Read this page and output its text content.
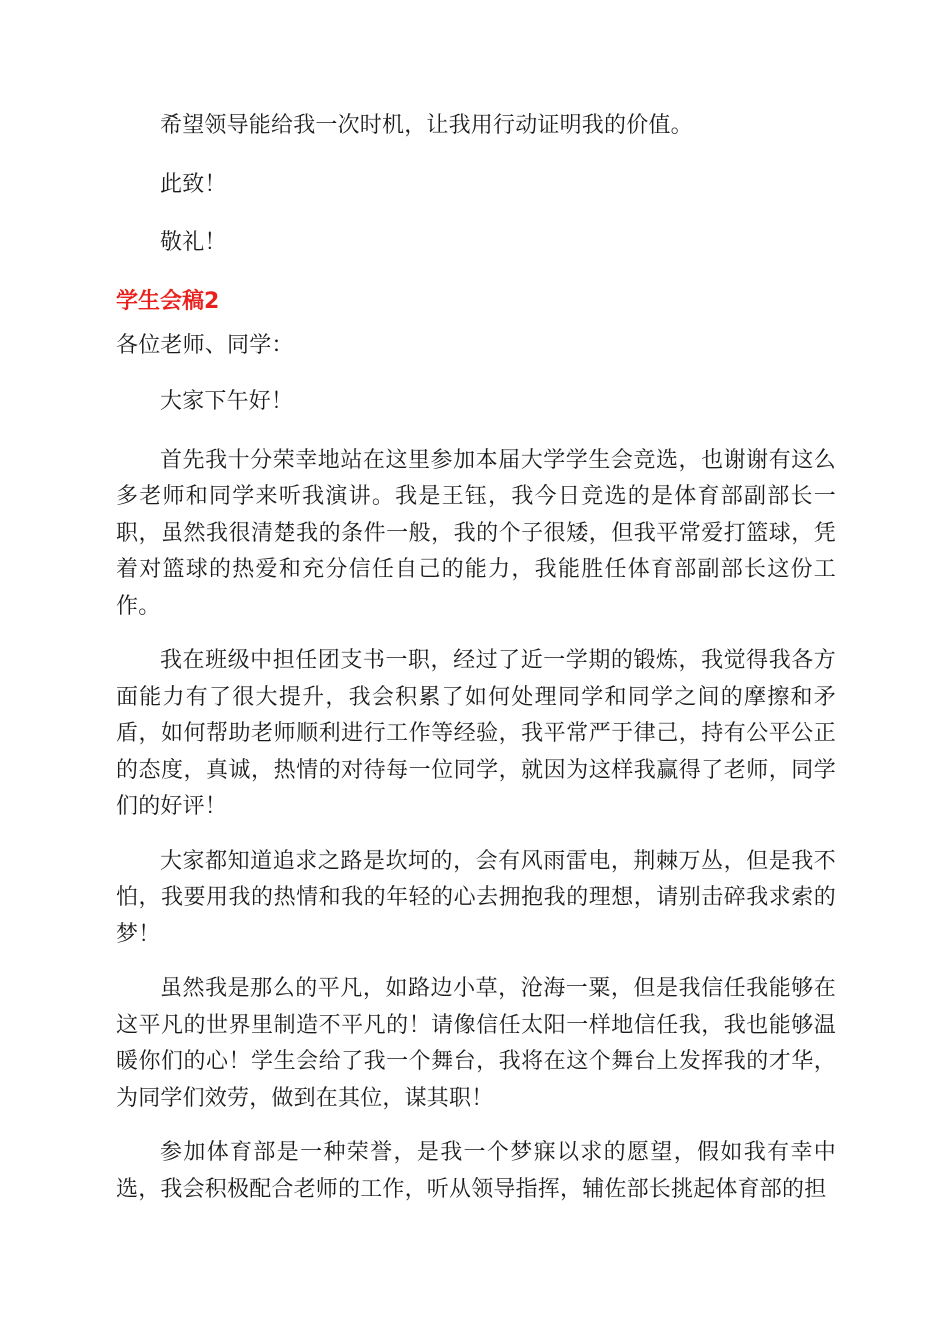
希望领导能给我一次时机，让我用行动证明我的价值。

此致！

敬礼！

学生会稿2

各位老师、同学：

大家下午好！

首先我十分荣幸地站在这里参加本届大学学生会竞选，也谢谢有这么多老师和同学来听我演讲。我是王钰，我今日竞选的是体育部副部长一职，虽然我很清楚我的条件一般，我的个子很矮，但我平常爱打篮球，凭着对篮球的热爱和充分信任自己的能力，我能胜任体育部副部长这份工作。

我在班级中担任团支书一职，经过了近一学期的锻炼，我觉得我各方面能力有了很大提升，我会积累了如何处理同学和同学之间的摩擦和矛盾，如何帮助老师顺利进行工作等经验，我平常严于律己，持有公平公正的态度，真诚，热情的对待每一位同学，就因为这样我赢得了老师，同学们的好评！

大家都知道追求之路是坎坷的，会有风雨雷电，荆棘万丛，但是我不怕，我要用我的热情和我的年轻的心去拥抱我的理想，请别击碎我求索的梦！

虽然我是那么的平凡，如路边小草，沧海一粟，但是我信任我能够在这平凡的世界里制造不平凡的！请像信任太阳一样地信任我，我也能够温暖你们的心！学生会给了我一个舞台，我将在这个舞台上发挥我的才华，为同学们效劳，做到在其位，谋其职！

参加体育部是一种荣誉，是我一个梦寐以求的愿望，假如我有幸中选，我会积极配合老师的工作，听从领导指挥，辅佐部长挑起体育部的担
